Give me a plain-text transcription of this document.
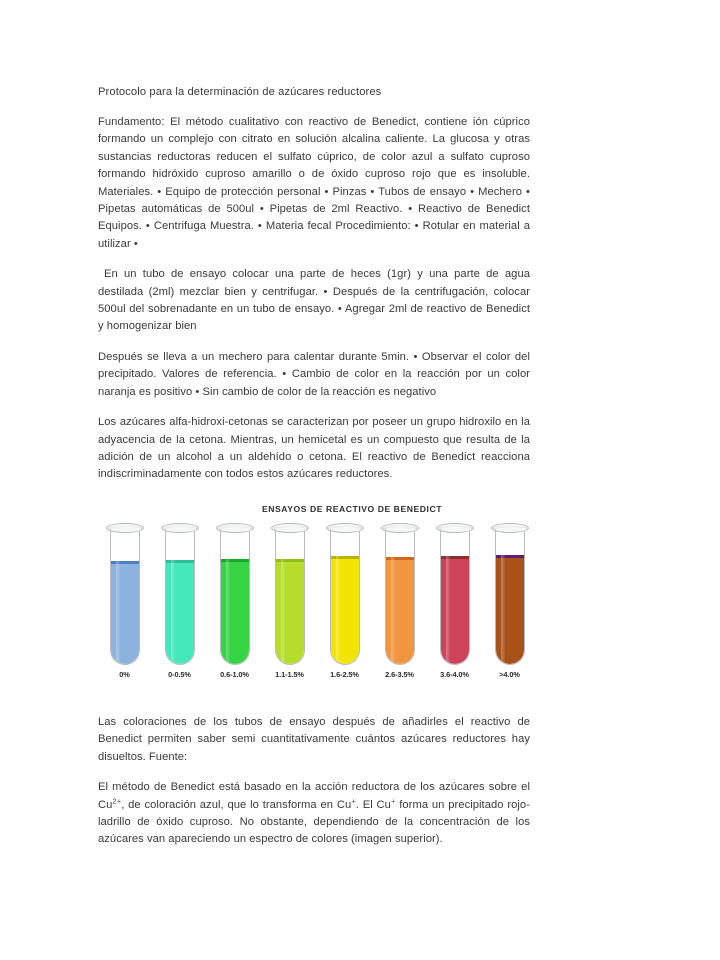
Protocolo para la determinación de azúcares reductores

Fundamento: El método cualitativo con reactivo de Benedict, contiene ión cúprico formando un complejo con citrato en solución alcalina caliente. La glucosa y otras sustancias reductoras reducen el sulfato cúprico, de color azul a sulfato cuproso formando hidróxido cuproso amarillo o de óxido cuproso rojo que es insoluble. Materiales. • Equipo de protección personal • Pinzas • Tubos de ensayo • Mechero • Pipetas automáticas de 500ul • Pipetas de 2ml Reactivo. • Reactivo de Benedict Equipos. • Centrifuga Muestra. • Materia fecal Procedimiento: • Rotular en material a utilizar •

En un tubo de ensayo colocar una parte de heces (1gr) y una parte de agua destilada (2ml) mezclar bien y centrifugar. • Después de la centrifugación, colocar 500ul del sobrenadante en un tubo de ensayo. • Agregar 2ml de reactivo de Benedict y homogenizar bien

Después se lleva a un mechero para calentar durante 5min. • Observar el color del precipitado. Valores de referencia. • Cambio de color en la reacción por un color naranja es positivo • Sin cambio de color de la reacción es negativo

Los azúcares alfa-hidroxi-cetonas se caracterizan por poseer un grupo hidroxilo en la adyacencia de la cetona. Mientras, un hemicetal es un compuesto que resulta de la adición de un alcohol a un aldehído o cetona. El reactivo de Benedict reacciona indiscriminadamente con todos estos azúcares reductores.

ENSAYOS DE REACTIVO DE BENEDICT
0%	0-0.5%	0.6-1.0%	1.1-1.5%	1.6-2.5%	2.6-3.5%	3.6-4.0%	>4.0%

Las coloraciones de los tubos de ensayo después de añadirles el reactivo de Benedict permiten saber semi cuantitativamente cuántos azúcares reductores hay disueltos. Fuente:

El método de Benedict está basado en la acción reductora de los azúcares sobre el $Cu^{2+}$, de coloración azul, que lo transforma en Cu+. El Cu+ forma un precipitado rojo-ladrillo de óxido cuproso. No obstante, dependiendo de la concentración de los azúcares van apareciendo un espectro de colores (imagen superior).
